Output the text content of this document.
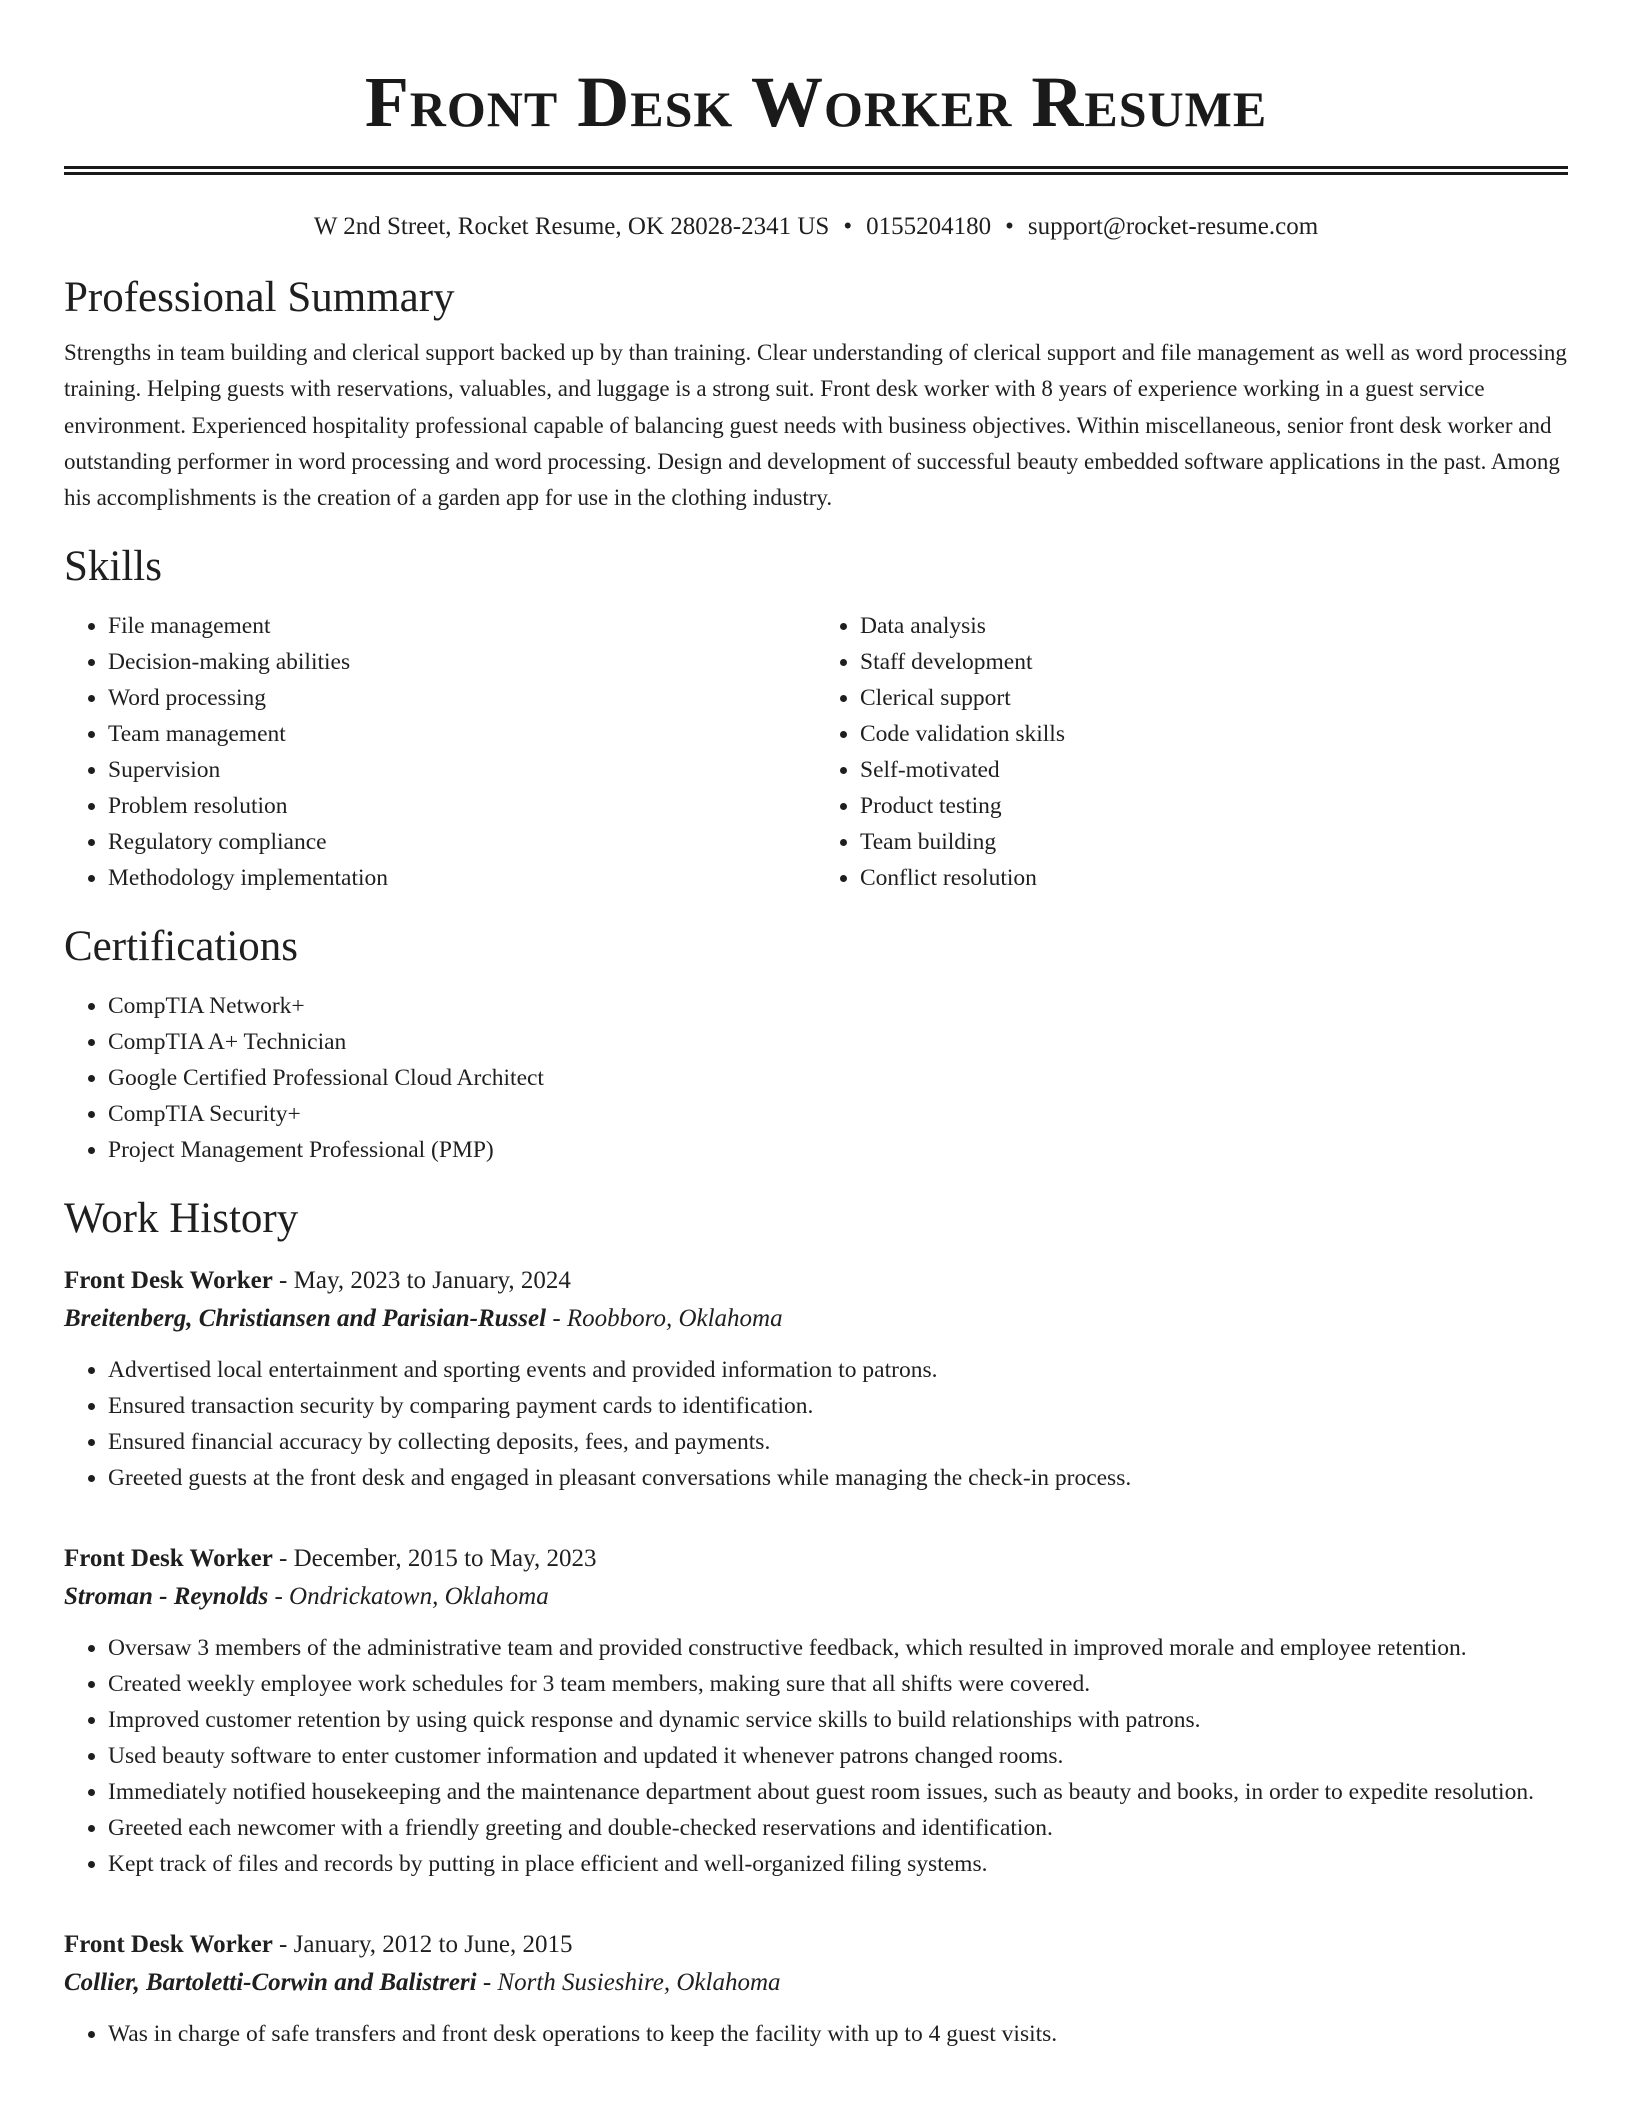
Front Desk Worker Resume
W 2nd Street, Rocket Resume, OK 28028-2341 US • 0155204180 • support@rocket-resume.com
Professional Summary

Strengths in team building and clerical support backed up by than training. Clear understanding of clerical support and file management as well as word processing training. Helping guests with reservations, valuables, and luggage is a strong suit. Front desk worker with 8 years of experience working in a guest service environment. Experienced hospitality professional capable of balancing guest needs with business objectives. Within miscellaneous, senior front desk worker and outstanding performer in word processing and word processing. Design and development of successful beauty embedded software applications in the past. Among his accomplishments is the creation of a garden app for use in the clothing industry.

Skills
• File management
• Decision-making abilities
• Word processing
• Team management
• Supervision
• Problem resolution
• Regulatory compliance
• Methodology implementation
• Data analysis
• Staff development
• Clerical support
• Code validation skills
• Self-motivated
• Product testing
• Team building
• Conflict resolution
Certifications
• CompTIA Network+
• CompTIA A+ Technician
• Google Certified Professional Cloud Architect
• CompTIA Security+
• Project Management Professional (PMP)
Work History
Front Desk Worker - May, 2023 to January, 2024
Breitenberg, Christiansen and Parisian-Russel - Roobboro, Oklahoma
• Advertised local entertainment and sporting events and provided information to patrons.
• Ensured transaction security by comparing payment cards to identification.
• Ensured financial accuracy by collecting deposits, fees, and payments.
• Greeted guests at the front desk and engaged in pleasant conversations while managing the check-in process.
Front Desk Worker - December, 2015 to May, 2023
Stroman - Reynolds - Ondrickatown, Oklahoma
• Oversaw 3 members of the administrative team and provided constructive feedback, which resulted in improved morale and employee retention.
• Created weekly employee work schedules for 3 team members, making sure that all shifts were covered.
• Improved customer retention by using quick response and dynamic service skills to build relationships with patrons.
• Used beauty software to enter customer information and updated it whenever patrons changed rooms.
• Immediately notified housekeeping and the maintenance department about guest room issues, such as beauty and books, in order to expedite resolution.
• Greeted each newcomer with a friendly greeting and double-checked reservations and identification.
• Kept track of files and records by putting in place efficient and well-organized filing systems.
Front Desk Worker - January, 2012 to June, 2015
Collier, Bartoletti-Corwin and Balistreri - North Susieshire, Oklahoma
• Was in charge of safe transfers and front desk operations to keep the facility with up to 4 guest visits.
